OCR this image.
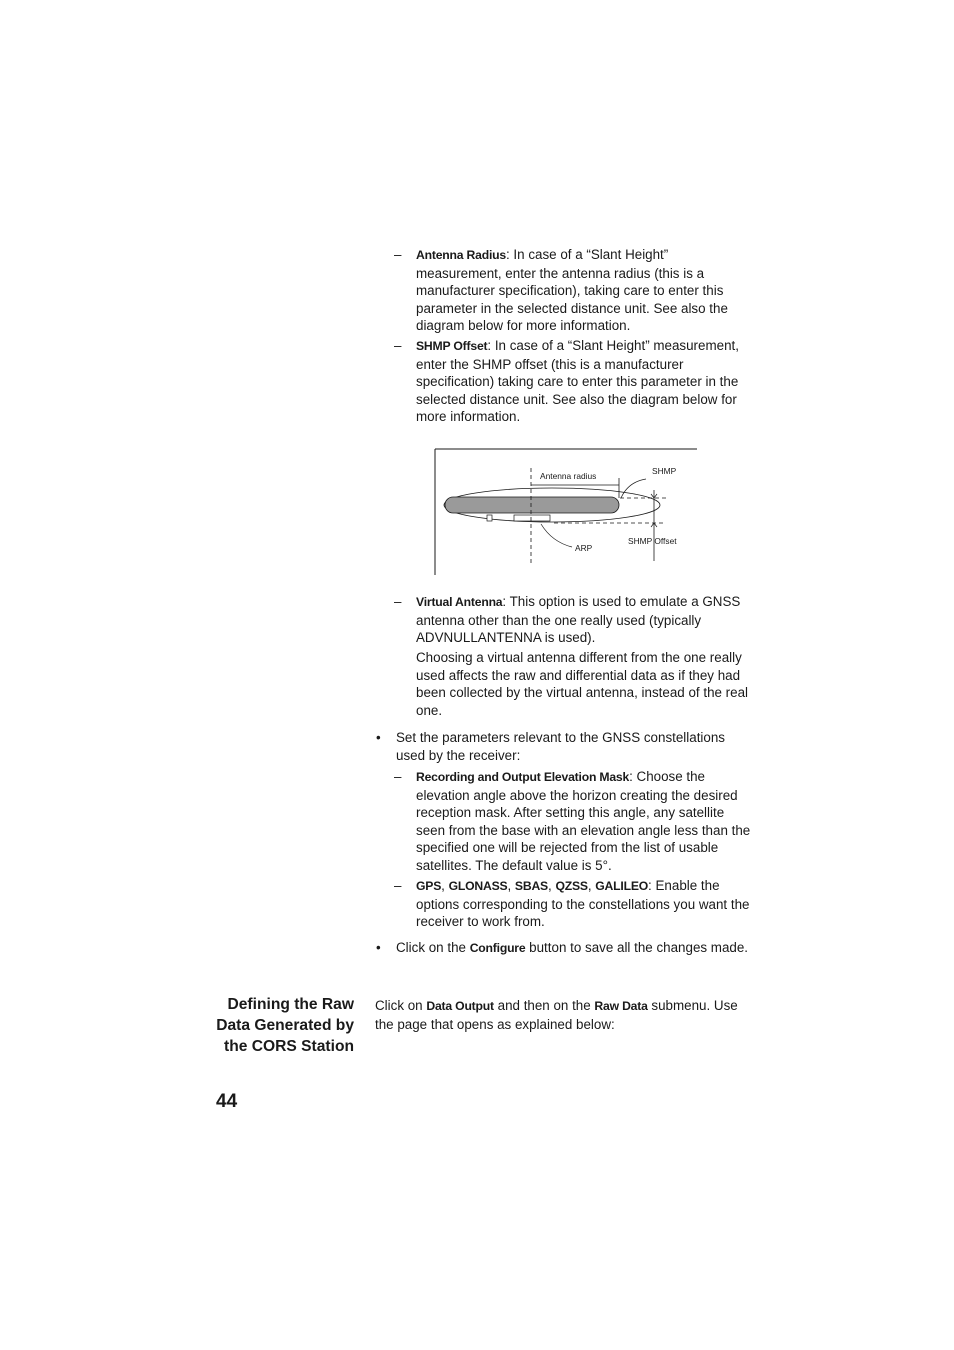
– Antenna Radius: In case of a “Slant Height” measurement, enter the antenna radius (this is a manufacturer specification), taking care to enter this parameter in the selected distance unit. See also the diagram below for more information.
– SHMP Offset: In case of a “Slant Height” measurement, enter the SHMP offset (this is a manufacturer specification) taking care to enter this parameter in the selected distance unit. See also the diagram below for more information.
Antenna radius	SHMP
ARP
SHMP Offset
– Virtual Antenna: This option is used to emulate a GNSS antenna other than the one really used (typically ADVNULLANTENNA is used).
Choosing a virtual antenna different from the one really used affects the raw and differential data as if they had been collected by the virtual antenna, instead of the real one.
• Set the parameters relevant to the GNSS constellations used by the receiver:
– Recording and Output Elevation Mask: Choose the elevation angle above the horizon creating the desired reception mask. After setting this angle, any satellite seen from the base with an elevation angle less than the specified one will be rejected from the list of usable satellites. The default value is 5°.
– GPS, GLONASS, SBAS, QZSS, GALILEO: Enable the options corresponding to the constellations you want the receiver to work from.
• Click on the Configure button to save all the changes made.
Defining the Raw
Data Generated by
the CORS Station
Click on Data Output and then on the Raw Data submenu. Use the page that opens as explained below:
44
